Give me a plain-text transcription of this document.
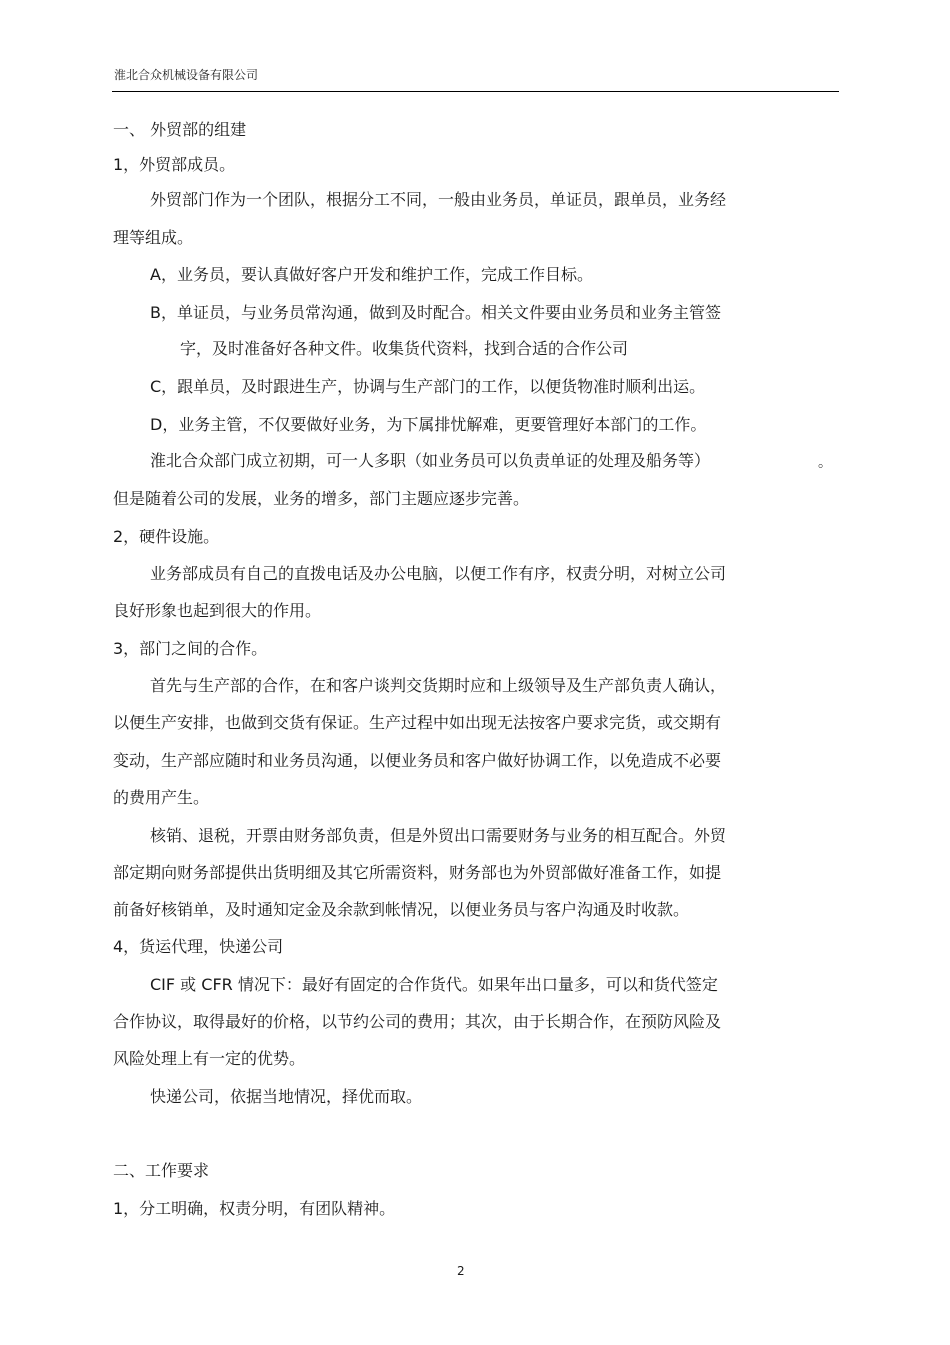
淮北合众机械设备有限公司
一、 外贸部的组建
1，外贸部成员。
外贸部门作为一个团队，根据分工不同，一般由业务员，单证员，跟单员，业务经
理等组成。
A，业务员，要认真做好客户开发和维护工作，完成工作目标。
B，单证员，与业务员常沟通，做到及时配合。相关文件要由业务员和业务主管签
字，及时准备好各种文件。收集货代资料，找到合适的合作公司
C，跟单员，及时跟进生产，协调与生产部门的工作，以便货物准时顺利出运。
D，业务主管，不仅要做好业务，为下属排忧解难，更要管理好本部门的工作。
淮北合众部门成立初期，可一人多职（如业务员可以负责单证的处理及船务等）	。
但是随着公司的发展，业务的增多，部门主题应逐步完善。
2，硬件设施。
业务部成员有自己的直拨电话及办公电脑，以便工作有序，权责分明，对树立公司
良好形象也起到很大的作用。
3，部门之间的合作。
首先与生产部的合作，在和客户谈判交货期时应和上级领导及生产部负责人确认，
以便生产安排，也做到交货有保证。生产过程中如出现无法按客户要求完货，或交期有
变动，生产部应随时和业务员沟通，以便业务员和客户做好协调工作，以免造成不必要
的费用产生。
核销、退税，开票由财务部负责，但是外贸出口需要财务与业务的相互配合。外贸
部定期向财务部提供出货明细及其它所需资料，财务部也为外贸部做好准备工作，如提
前备好核销单，及时通知定金及余款到帐情况，以便业务员与客户沟通及时收款。
4，货运代理，快递公司
CIF 或 CFR 情况下：最好有固定的合作货代。如果年出口量多，可以和货代签定
合作协议，取得最好的价格，以节约公司的费用；其次，由于长期合作，在预防风险及
风险处理上有一定的优势。
快递公司，依据当地情况，择优而取。
二、工作要求
1，分工明确，权责分明，有团队精神。
2
